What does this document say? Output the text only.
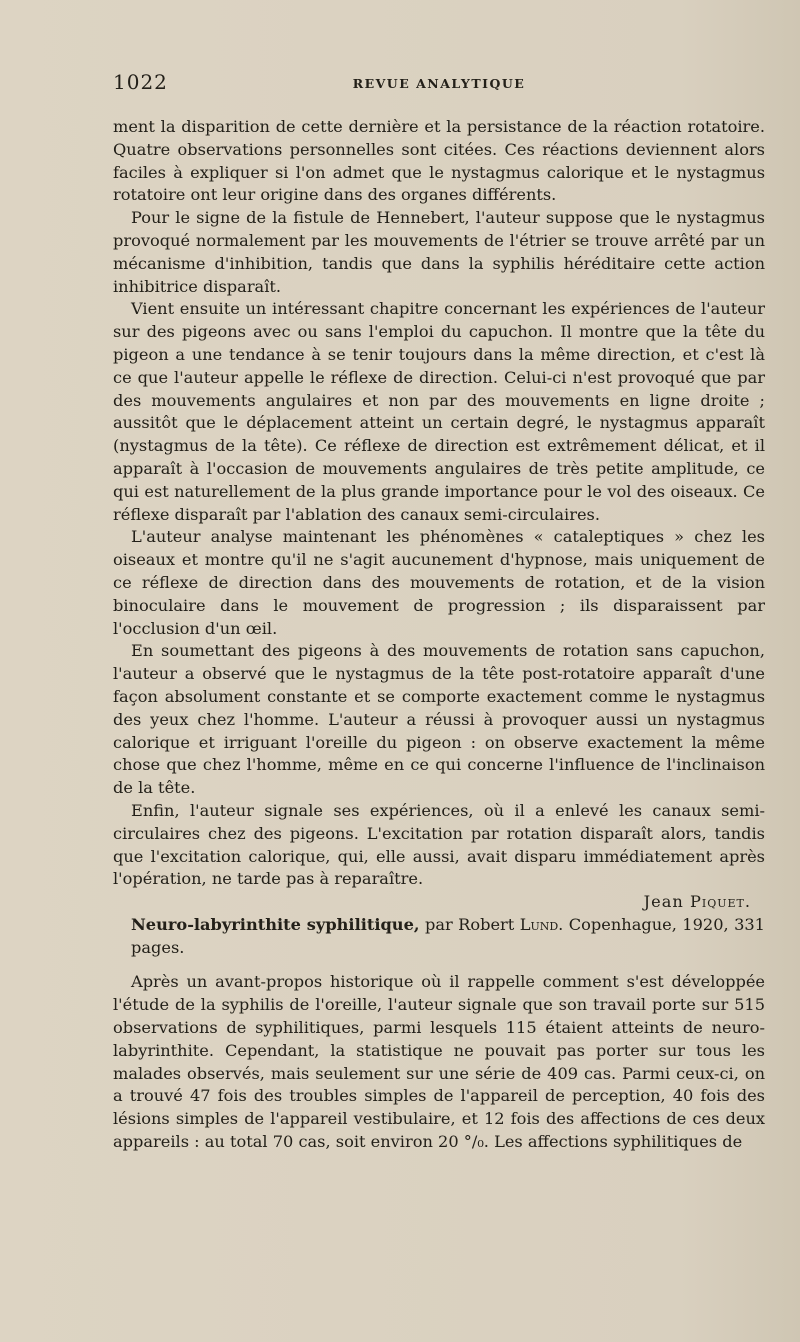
1022	REVUE ANALYTIQUE

ment la disparition de cette dernière et la persistance de la réaction rotatoire. Quatre observations personnelles sont citées. Ces réactions deviennent alors faciles à expliquer si l'on admet que le nystagmus calorique et le nystagmus rotatoire ont leur origine dans des organes différents.

Pour le signe de la fistule de Hennebert, l'auteur suppose que le nystagmus provoqué normalement par les mouvements de l'étrier se trouve arrêté par un mécanisme d'inhibition, tandis que dans la syphilis héréditaire cette action inhibitrice disparaît.

Vient ensuite un intéressant chapitre concernant les expériences de l'auteur sur des pigeons avec ou sans l'emploi du capuchon. Il montre que la tête du pigeon a une tendance à se tenir toujours dans la même direction, et c'est là ce que l'auteur appelle le réflexe de direction. Celui-ci n'est provoqué que par des mouvements angulaires et non par des mouvements en ligne droite ; aussitôt que le déplacement atteint un certain degré, le nystagmus apparaît (nystagmus de la tête). Ce réflexe de direction est extrêmement délicat, et il apparaît à l'occasion de mouvements angulaires de très petite amplitude, ce qui est naturellement de la plus grande importance pour le vol des oiseaux. Ce réflexe disparaît par l'ablation des canaux semi-circulaires.

L'auteur analyse maintenant les phénomènes « cataleptiques » chez les oiseaux et montre qu'il ne s'agit aucunement d'hypnose, mais uniquement de ce réflexe de direction dans des mouvements de rotation, et de la vision binoculaire dans le mouvement de progression ; ils disparaissent par l'occlusion d'un œil.

En soumettant des pigeons à des mouvements de rotation sans capuchon, l'auteur a observé que le nystagmus de la tête post-rotatoire apparaît d'une façon absolument constante et se comporte exactement comme le nystagmus des yeux chez l'homme. L'auteur a réussi à provoquer aussi un nystagmus calorique et irriguant l'oreille du pigeon : on observe exactement la même chose que chez l'homme, même en ce qui concerne l'influence de l'inclinaison de la tête.

Enfin, l'auteur signale ses expériences, où il a enlevé les canaux semi-circulaires chez des pigeons. L'excitation par rotation disparaît alors, tandis que l'excitation calorique, qui, elle aussi, avait disparu immédiatement après l'opération, ne tarde pas à reparaître.

Jean Piquet.

Neuro-labyrinthite syphilitique, par Robert Lund. Copenhague, 1920, 331 pages.

Après un avant-propos historique où il rappelle comment s'est développée l'étude de la syphilis de l'oreille, l'auteur signale que son travail porte sur 515 observations de syphilitiques, parmi lesquels 115 étaient atteints de neuro-labyrinthite. Cependant, la statistique ne pouvait pas porter sur tous les malades observés, mais seulement sur une série de 409 cas. Parmi ceux-ci, on a trouvé 47 fois des troubles simples de l'appareil de perception, 40 fois des lésions simples de l'appareil vestibulaire, et 12 fois des affections de ces deux appareils : au total 70 cas, soit environ 20 °/₀. Les affections syphilitiques de
